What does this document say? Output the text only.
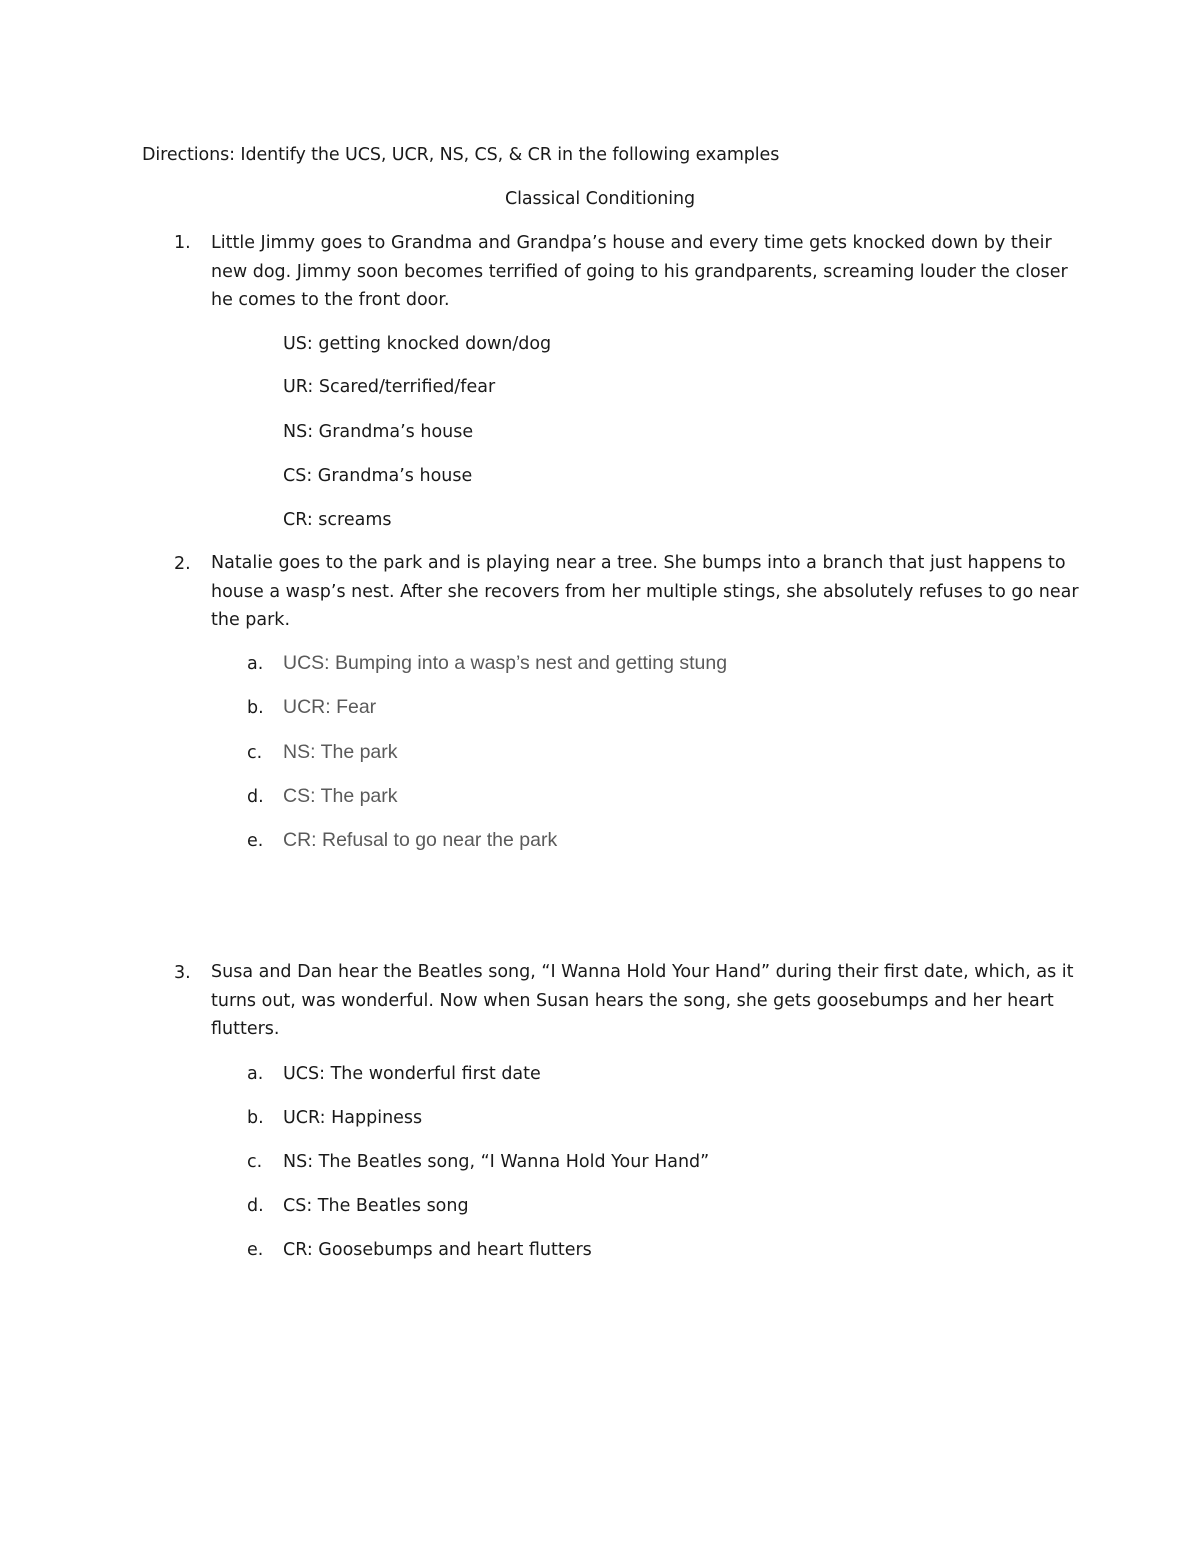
Directions: Identify the UCS, UCR, NS, CS, & CR in the following examples
Classical Conditioning
1. Little Jimmy goes to Grandma and Grandpa’s house and every time gets knocked down by their new dog. Jimmy soon becomes terrified of going to his grandparents, screaming louder the closer he comes to the front door.
US: getting knocked down/dog
UR: Scared/terrified/fear
NS: Grandma’s house
CS: Grandma’s house
CR: screams
2. Natalie goes to the park and is playing near a tree. She bumps into a branch that just happens to house a wasp’s nest. After she recovers from her multiple stings, she absolutely refuses to go near the park.
a. UCS: Bumping into a wasp’s nest and getting stung
b. UCR: Fear
c. NS: The park
d. CS: The park
e. CR: Refusal to go near the park
3. Susa and Dan hear the Beatles song, “I Wanna Hold Your Hand” during their first date, which, as it turns out, was wonderful. Now when Susan hears the song, she gets goosebumps and her heart flutters.
a. UCS: The wonderful first date
b. UCR: Happiness
c. NS: The Beatles song, “I Wanna Hold Your Hand”
d. CS: The Beatles song
e. CR: Goosebumps and heart flutters
